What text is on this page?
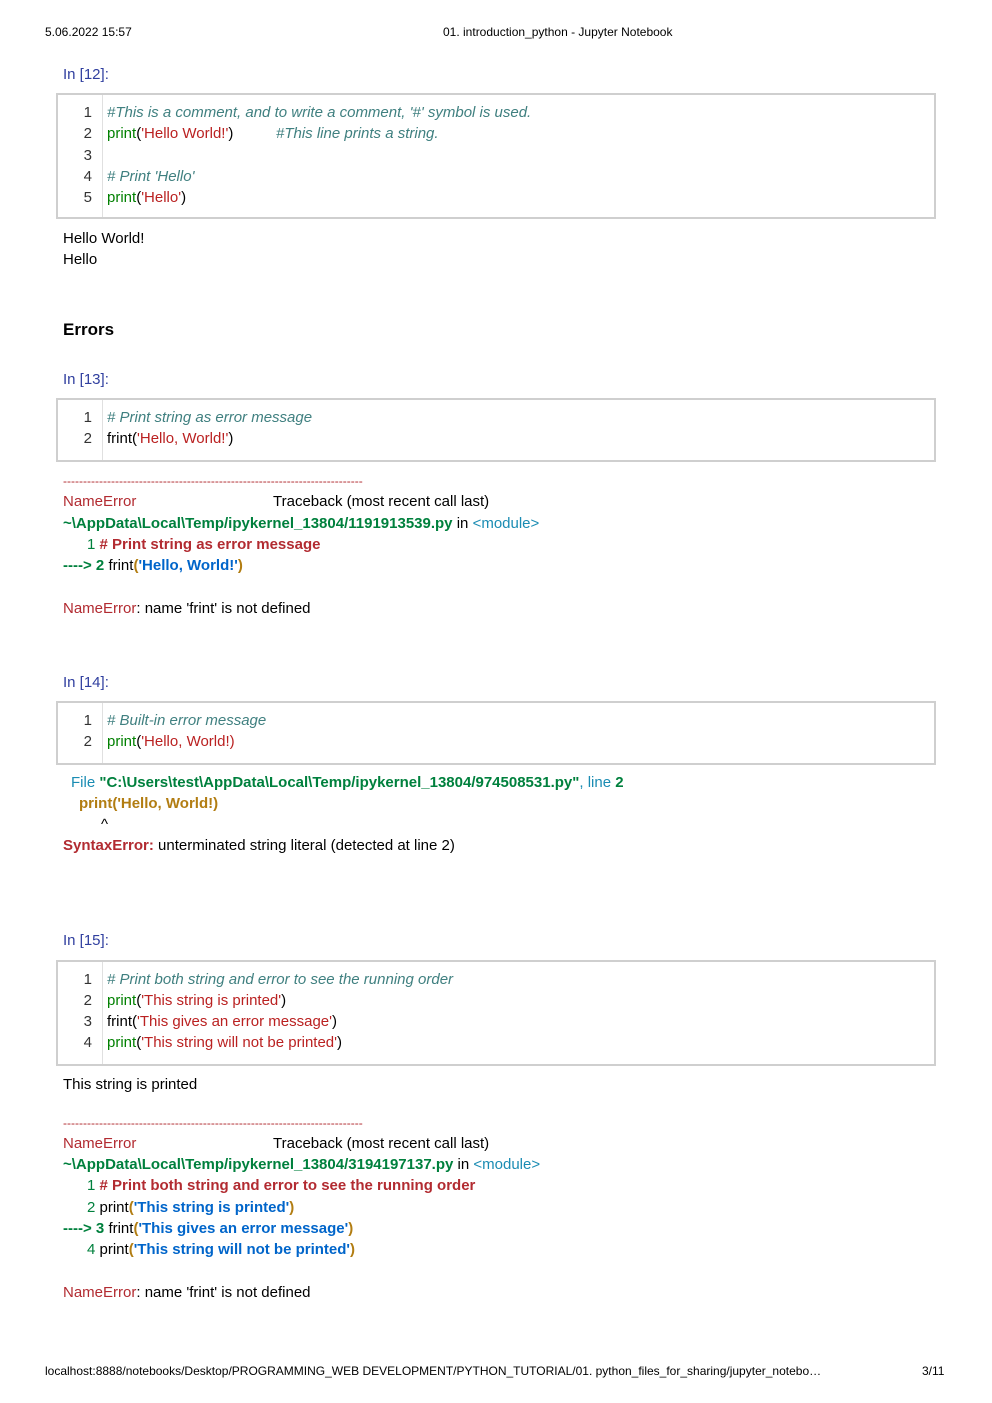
5.06.2022 15:57	01. introduction_python - Jupyter Notebook
In [12]:
1 #This is a comment, and to write a comment, '#' symbol is used.
2 print('Hello World!')	#This line prints a string.
3
4 # Print 'Hello'
5 print('Hello')
Hello World!
Hello
Errors
In [13]:
1 # Print string as error message
2 frint('Hello, World!')
---------------------------------------------------------------------------
NameError	Traceback (most recent call last)
~\AppData\Local\Temp/ipykernel_13804/1191913539.py in <module>
1 # Print string as error message
----> 2 frint('Hello, World!')
NameError: name 'frint' is not defined
In [14]:
1 # Built-in error message
2 print('Hello, World!)
File "C:\Users\test\AppData\Local\Temp/ipykernel_13804/974508531.py", line 2
print('Hello, World!)
^
SyntaxError: unterminated string literal (detected at line 2)
In [15]:
1 # Print both string and error to see the running order
2 print('This string is printed')
3 frint('This gives an error message')
4 print('This string will not be printed')
This string is printed
---------------------------------------------------------------------------
NameError	Traceback (most recent call last)
~\AppData\Local\Temp/ipykernel_13804/3194197137.py in <module>
1 # Print both string and error to see the running order
2 print('This string is printed')
----> 3 frint('This gives an error message')
4 print('This string will not be printed')
NameError: name 'frint' is not defined
localhost:8888/notebooks/Desktop/PROGRAMMING_WEB DEVELOPMENT/PYTHON_TUTORIAL/01. python_files_for_sharing/jupyter_notebo…	3/11
